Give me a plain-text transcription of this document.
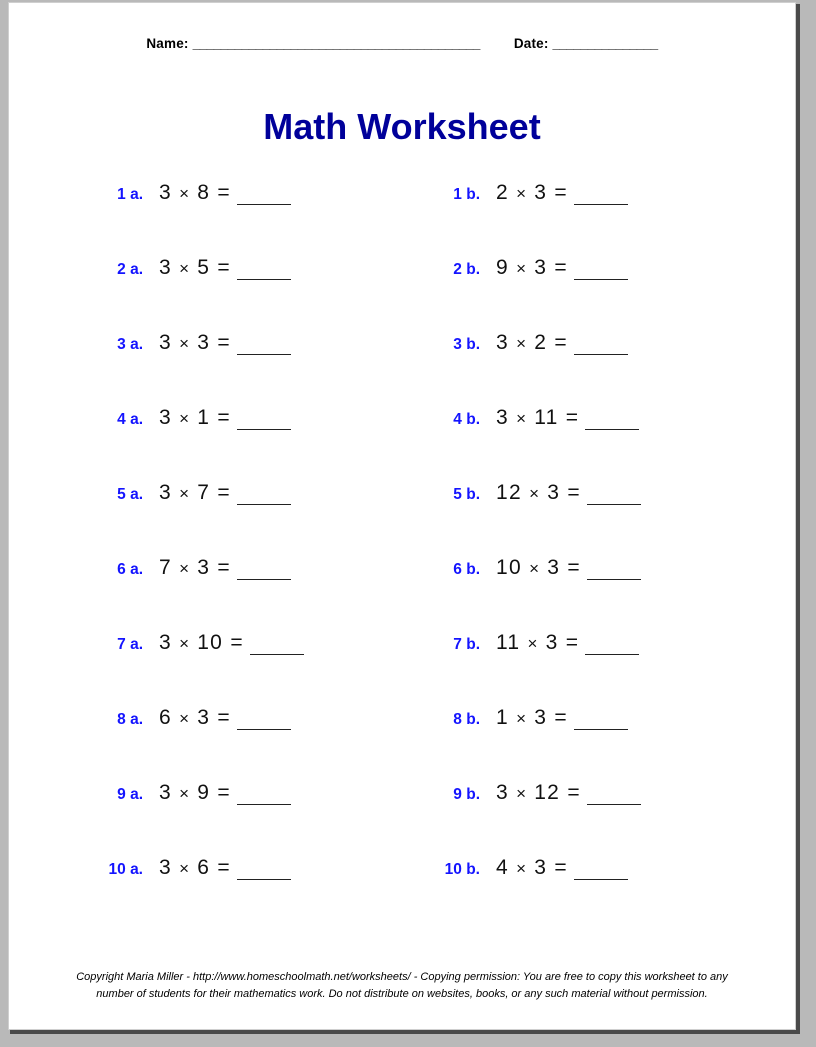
Name: _________________________________________	Date: _______________
Math Worksheet
1 a. 3 × 8 =	1 b. 2 × 3 =
2 a. 3 × 5 =	2 b. 9 × 3 =
3 a. 3 × 3 =	3 b. 3 × 2 =
4 a. 3 × 1 =	4 b. 3 × 11 =
5 a. 3 × 7 =	5 b. 12 × 3 =
6 a. 7 × 3 =	6 b. 10 × 3 =
7 a. 3 × 10 =	7 b. 11 × 3 =
8 a. 6 × 3 =	8 b. 1 × 3 =
9 a. 3 × 9 =	9 b. 3 × 12 =
10 a. 3 × 6 =	10 b. 4 × 3 =
Copyright Maria Miller - http://www.homeschoolmath.net/worksheets/ - Copying permission: You are free to copy this worksheet to any
number of students for their mathematics work. Do not distribute on websites, books, or any such material without permission.
